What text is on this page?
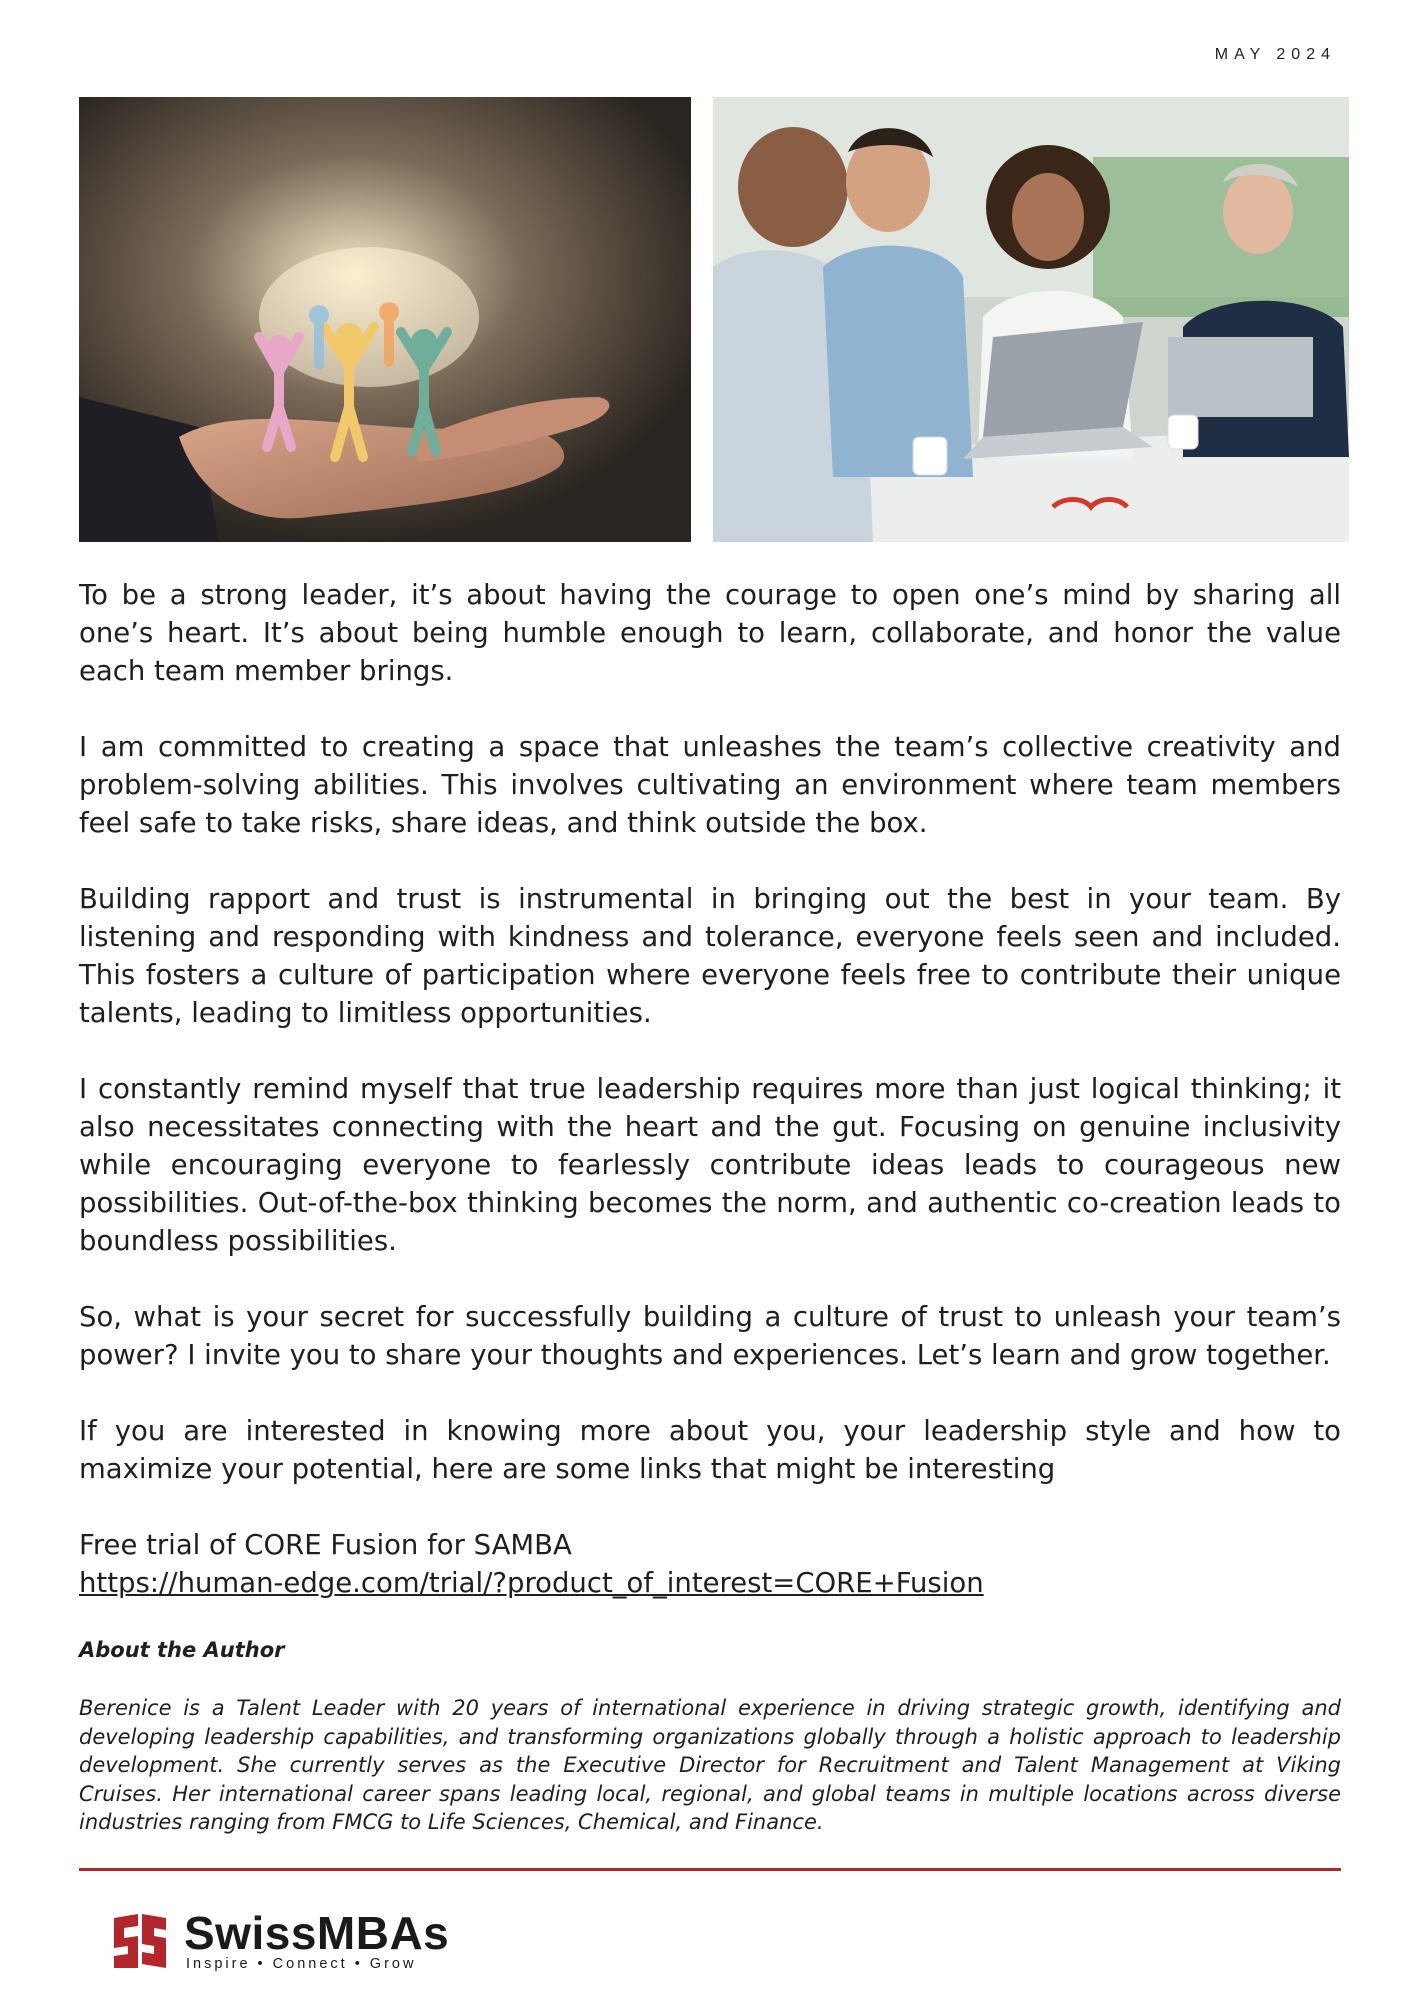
MAY 2024

To be a strong leader, it’s about having the courage to open one’s mind by sharing all one’s heart. It’s about being humble enough to learn, collaborate, and honor the value each team member brings.

I am committed to creating a space that unleashes the team’s collective creativity and problem-solving abilities. This involves cultivating an environment where team members feel safe to take risks, share ideas, and think outside the box.

Building rapport and trust is instrumental in bringing out the best in your team. By listening and responding with kindness and tolerance, everyone feels seen and included. This fosters a culture of participation where everyone feels free to contribute their unique talents, leading to limitless opportunities.

I constantly remind myself that true leadership requires more than just logical thinking; it also necessitates connecting with the heart and the gut. Focusing on genuine inclusivity while encouraging everyone to fearlessly contribute ideas leads to courageous new possibilities. Out-of-the-box thinking becomes the norm, and authentic co-creation leads to boundless possibilities.

So, what is your secret for successfully building a culture of trust to unleash your team’s power? I invite you to share your thoughts and experiences. Let’s learn and grow together.

If you are interested in knowing more about you, your leadership style and how to maximize your potential, here are some links that might be interesting

Free trial of CORE Fusion for SAMBA
https://human-edge.com/trial/?product_of_interest=CORE+Fusion

About the Author

Berenice is a Talent Leader with 20 years of international experience in driving strategic growth, identifying and developing leadership capabilities, and transforming organizations globally through a holistic approach to leadership development. She currently serves as the Executive Director for Recruitment and Talent Management at Viking Cruises. Her international career spans leading local, regional, and global teams in multiple locations across diverse industries ranging from FMCG to Life Sciences, Chemical, and Finance.

SwissMBAs
Inspire • Connect • Grow
